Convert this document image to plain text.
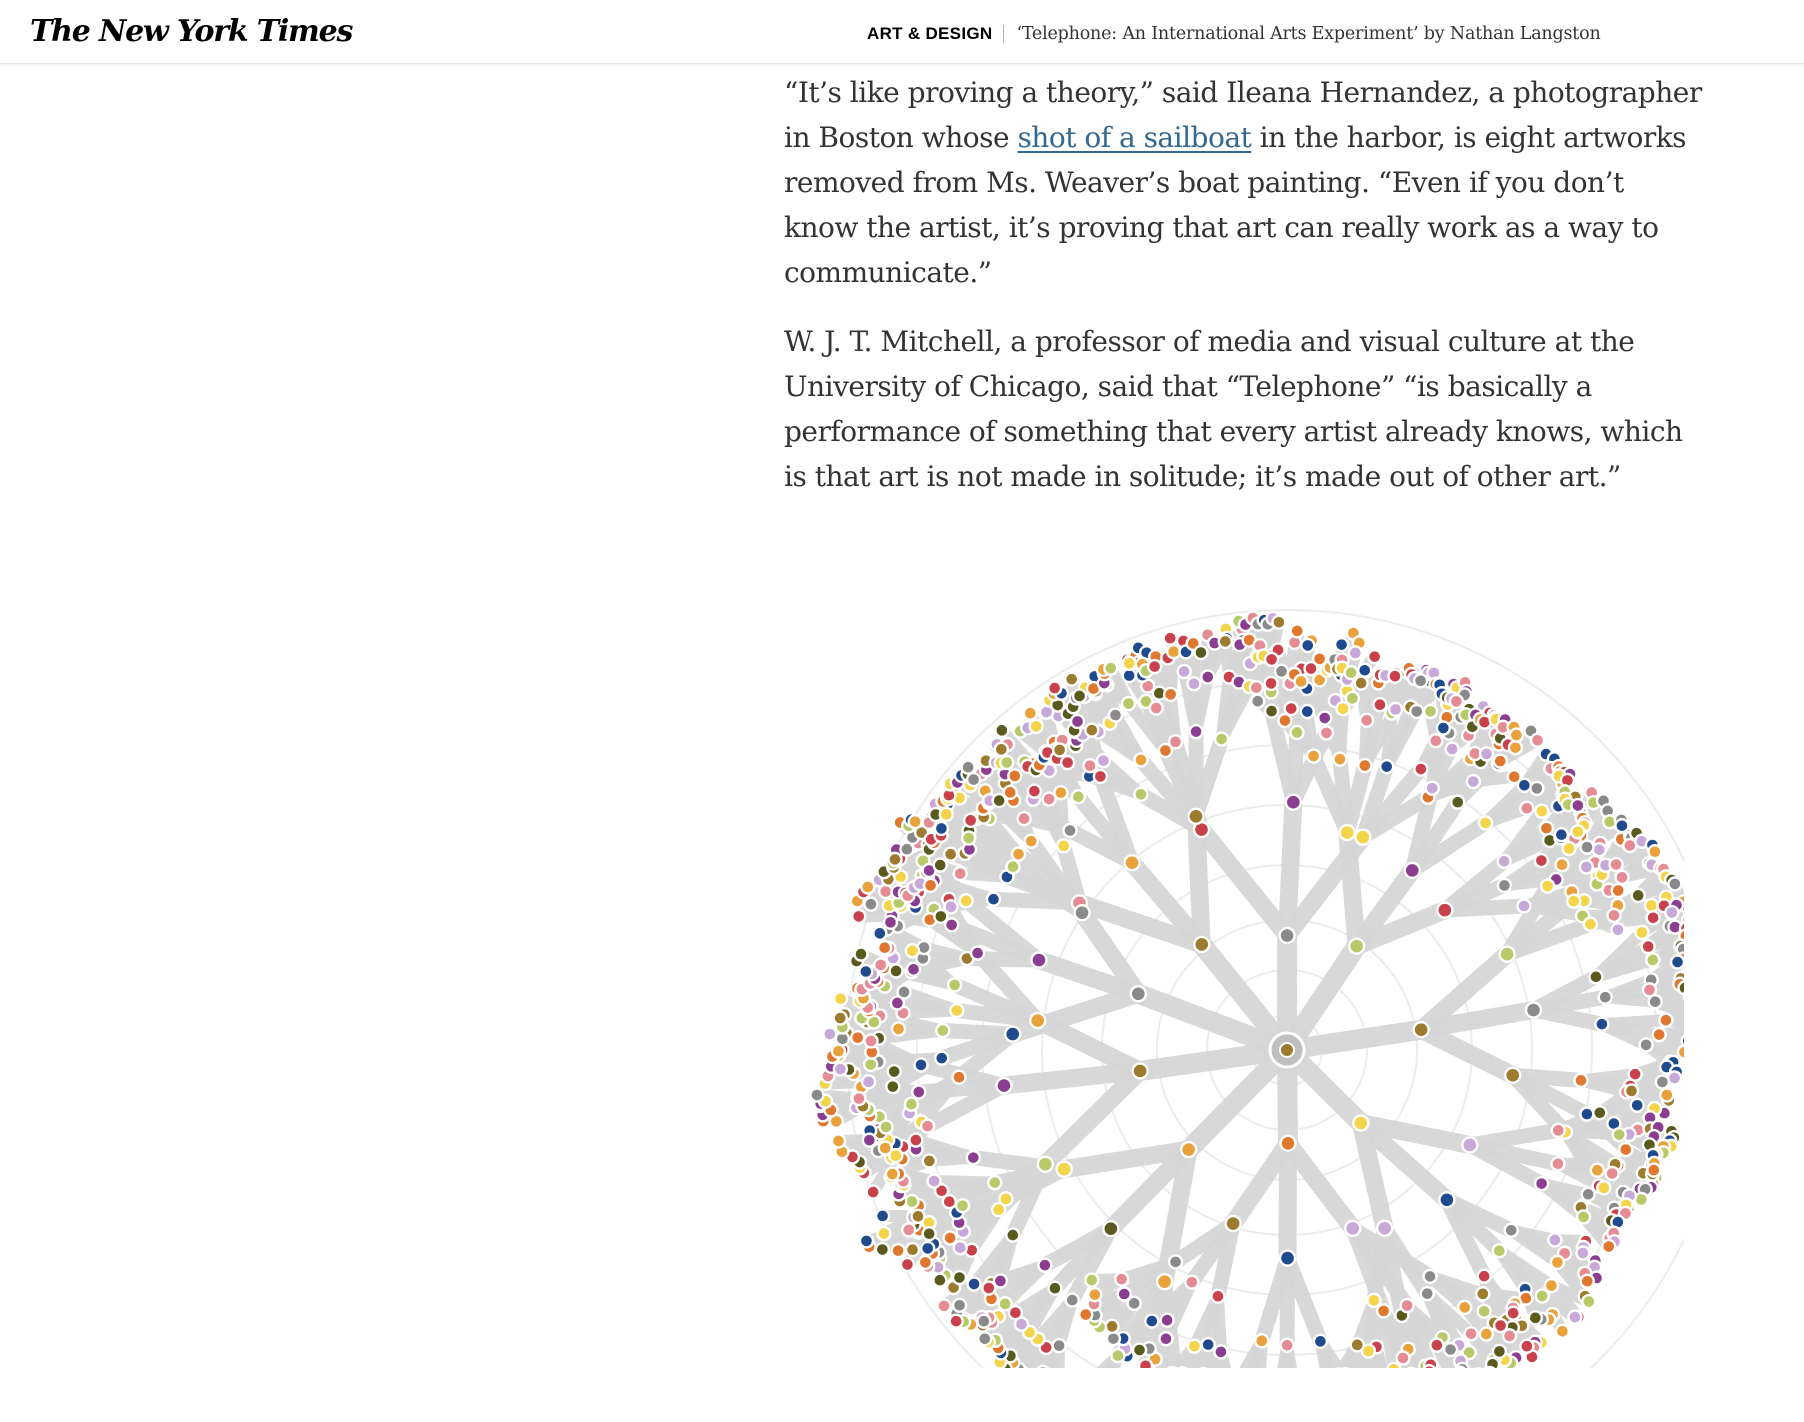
The New York Times	ART & DESIGN ‘Telephone: An International Arts Experiment’ by Nathan Langston

“It’s like proving a theory,” said Ileana Hernandez, a photographer in Boston whose shot of a sailboat in the harbor, is eight artworks removed from Ms. Weaver’s boat painting. “Even if you don’t know the artist, it’s proving that art can really work as a way to communicate.”

W. J. T. Mitchell, a professor of media and visual culture at the University of Chicago, said that “Telephone” “is basically a performance of something that every artist already knows, which is that art is not made in solitude; it’s made out of other art.”
